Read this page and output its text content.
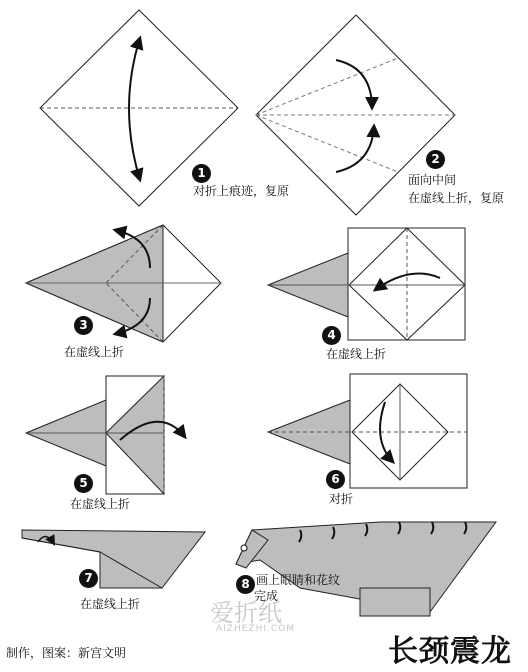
1
2
3
4
5	6
7	8
对折上痕迹，复原
面向中间
在虚线上折，复原
在虚线上折	在虚线上折
在虚线上折	对折
在虚线上折
画上眼睛和花纹
完成
爱折纸
AIZHEZHI.COM
制作，图案：新宫文明	长颈震龙
